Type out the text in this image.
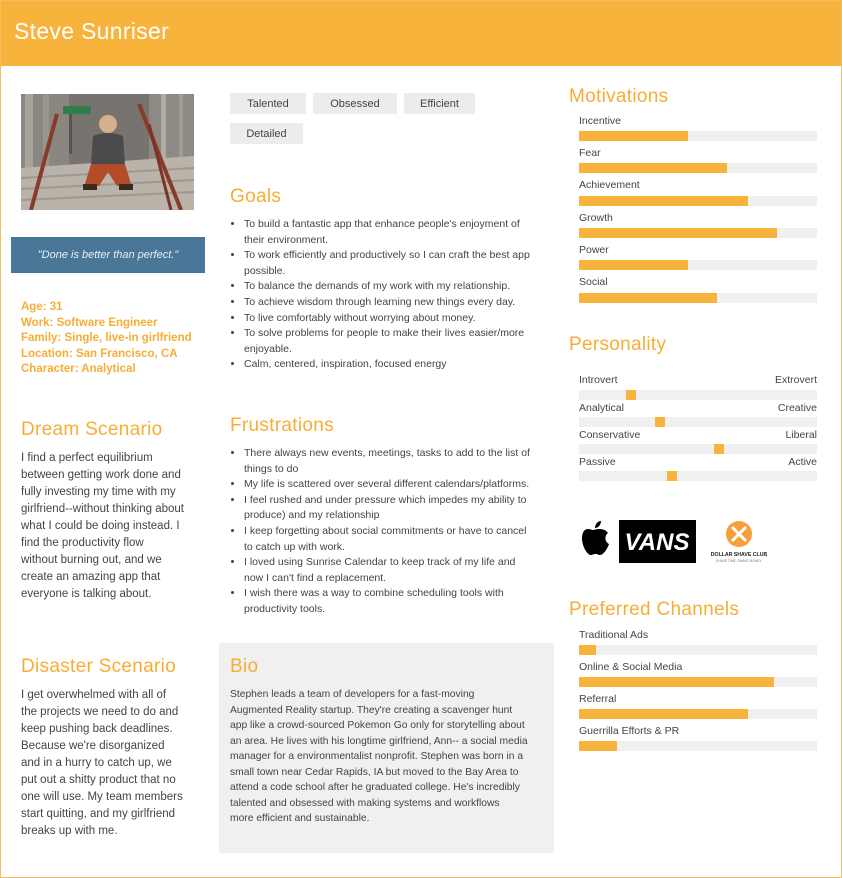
Steve Sunriser
"Done is better than perfect."
Age: 31
Work: Software Engineer
Family: Single, live-in girlfriend
Location: San Francisco, CA
Character: Analytical
Dream Scenario
I find a perfect equilibrium
between getting work done and
fully investing my time with my
girlfriend--without thinking about
what I could be doing instead. I
find the productivity flow
without burning out, and we
create an amazing app that
everyone is talking about.
Disaster Scenario
I get overwhelmed with all of
the projects we need to do and
keep pushing back deadlines.
Because we're disorganized
and in a hurry to catch up, we
put out a shitty product that no
one will use. My team members
start quitting, and my girlfriend
breaks up with me.
Talented	Obsessed	Efficient
Detailed
Goals
• To build a fantastic app that enhance people's enjoyment of
their environment.
• To work efficiently and productively so I can craft the best app
possible.
• To balance the demands of my work with my relationship.
• To achieve wisdom through learning new things every day.
• To live comfortably without worrying about money.
• To solve problems for people to make their lives easier/more
enjoyable.
• Calm, centered, inspiration, focused energy
Frustrations
• There always new events, meetings, tasks to add to the list of
things to do
• My life is scattered over several different calendars/platforms.
• I feel rushed and under pressure which impedes my ability to
produce) and my relationship
• I keep forgetting about social commitments or have to cancel
to catch up with work.
• I loved using Sunrise Calendar to keep track of my life and
now I can't find a replacement.
• I wish there was a way to combine scheduling tools with
productivity tools.
Bio
Stephen leads a team of developers for a fast-moving
Augmented Reality startup. They're creating a scavenger hunt
app like a crowd-sourced Pokemon Go only for storytelling about
an area. He lives with his longtime girlfriend, Ann-- a social media
manager for a environmentalist nonprofit. Stephen was born in a
small town near Cedar Rapids, IA but moved to the Bay Area to
attend a code school after he graduated college. He's incredibly
talented and obsessed with making systems and workflows
more efficient and sustainable.
Motivations
Incentive
Fear
Achievement
Growth
Power
Social
Personality
Introvert	Extrovert
Analytical	Creative
Conservative	Liberal
Passive	Active
VANS	DOLLAR SHAVE CLUB
SHAVE TIME. SHAVE MONEY.
Preferred Channels
Traditional Ads
Online & Social Media
Referral
Guerrilla Efforts & PR
